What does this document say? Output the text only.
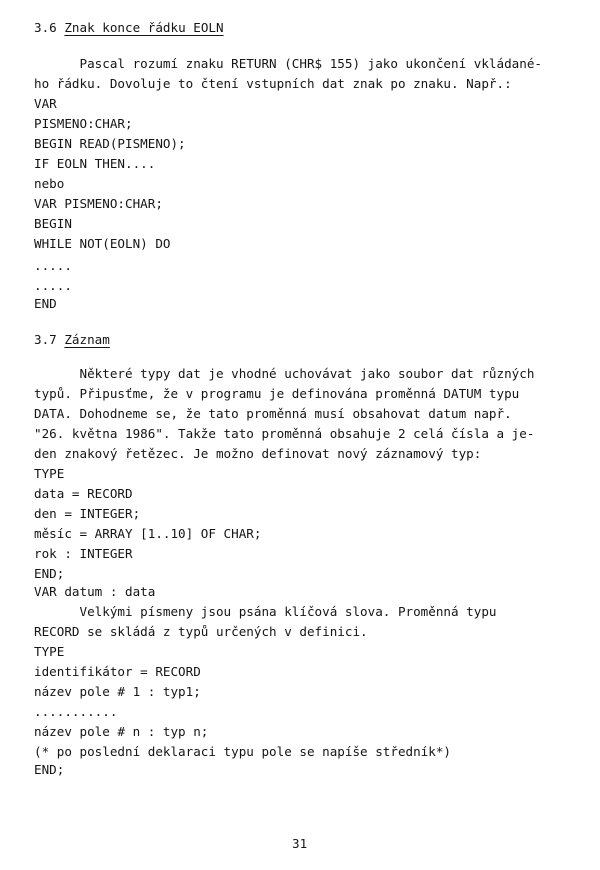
3.6 Znak konce řádku EOLN
Pascal rozumí znaku RETURN (CHR$ 155) jako ukončení vkládané-
ho řádku. Dovoluje to čtení vstupních dat znak po znaku. Např.:
VAR
PISMENO:CHAR;
BEGIN READ(PISMENO);
IF EOLN THEN....
nebo
VAR PISMENO:CHAR;
BEGIN
WHILE NOT(EOLN) DO
.....
.....
END
3.7 Záznam
Některé typy dat je vhodné uchovávat jako soubor dat různých
typů. Připusťme, že v programu je definována proměnná DATUM typu
DATA. Dohodneme se, že tato proměnná musí obsahovat datum např.
"26. května 1986". Takže tato proměnná obsahuje 2 celá čísla a je-
den znakový řetězec. Je možno definovat nový záznamový typ:
TYPE
data = RECORD
den = INTEGER;
měsíc = ARRAY [1..10] OF CHAR;
rok : INTEGER
END;
VAR datum : data
Velkými písmeny jsou psána klíčová slova. Proměnná typu
RECORD se skládá z typů určených v definici.
TYPE
identifikátor = RECORD
název pole # 1 : typ1;
...........
název pole # n : typ n;
(* po poslední deklaraci typu pole se napíše středník*)
END;
31
